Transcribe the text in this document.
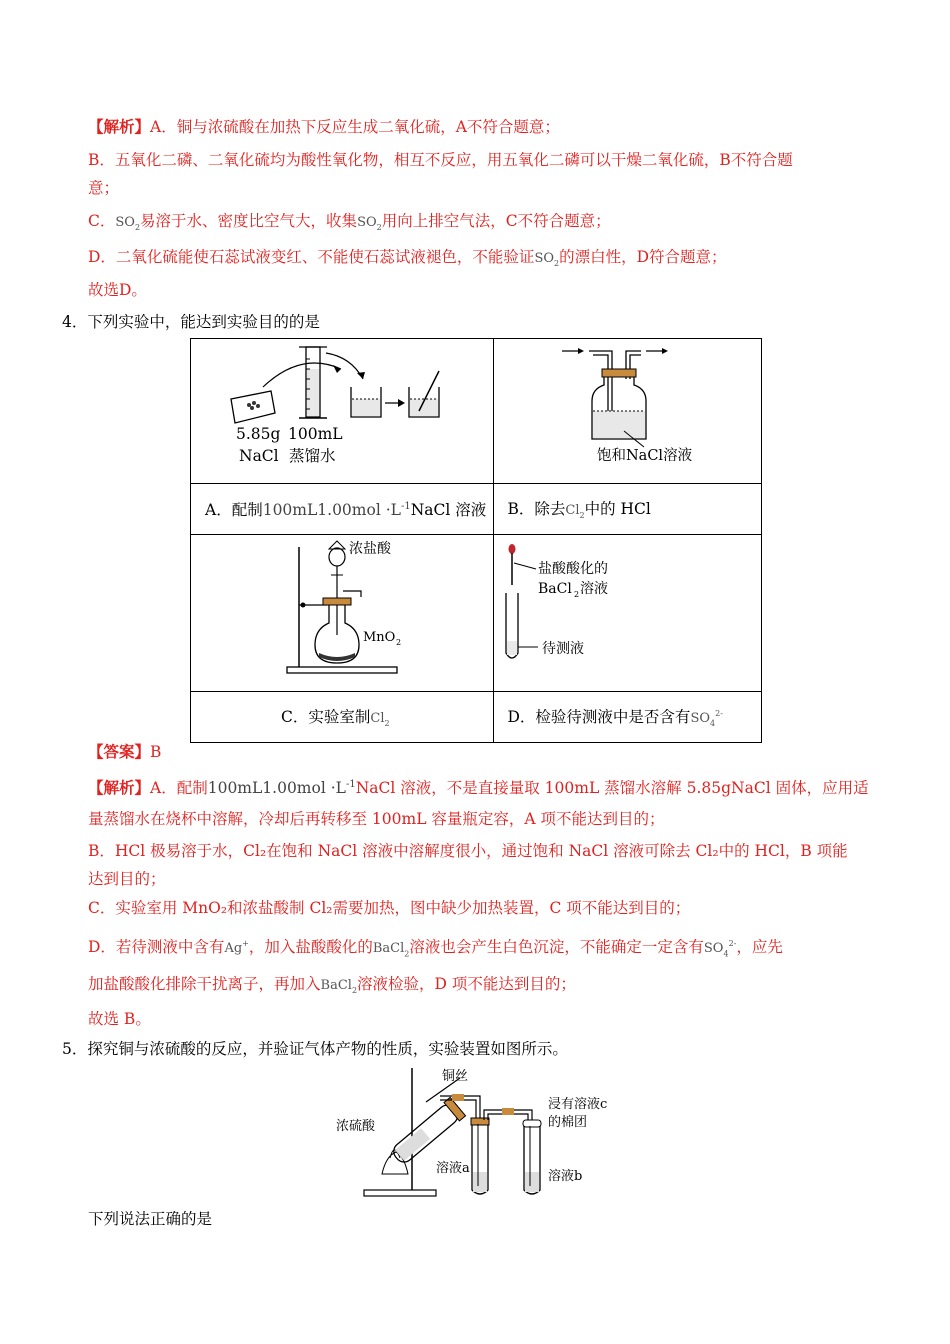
【解析】A．铜与浓硫酸在加热下反应生成二氧化硫，A不符合题意；
B．五氧化二磷、二氧化硫均为酸性氧化物，相互不反应，用五氧化二磷可以干燥二氧化硫，B不符合题
意；
C．$SO_2$易溶于水、密度比空气大，收集$SO_2$用向上排空气法，C不符合题意；
D．二氧化硫能使石蕊试液变红、不能使石蕊试液褪色，不能验证$SO_2$的漂白性，D符合题意；
故选D。
4．下列实验中，能达到实验目的的是
5.85g
NaCl
100mL
蒸馏水	饱和NaCl溶液

A．配制$100mL1.00mol \cdot L^{-1}NaCl$ 溶液	B．除去$Cl_2$中的 HCl

浓盐酸
MnO 2	盐酸酸化的
BaCl 2 溶液
待测液

C．实验室制$Cl_2$	D．检验待测液中是否含有$SO_4^{2-}$
【答案】B
【解析】A．配制$100mL1.00mol \cdot L^{-1}NaCl$ 溶液，不是直接量取 100mL 蒸馏水溶解 5.85gNaCl 固体，应用适
量蒸馏水在烧杯中溶解，冷却后再转移至 100mL 容量瓶定容，A 项不能达到目的；
B．HCl 极易溶于水，Cl₂在饱和 NaCl 溶液中溶解度很小，通过饱和 NaCl 溶液可除去 Cl₂中的 HCl，B 项能
达到目的；
C．实验室用 MnO₂和浓盐酸制 Cl₂需要加热，图中缺少加热装置，C 项不能达到目的；
D．若待测液中含有Ag+，加入盐酸酸化的BaCl$_2$溶液也会产生白色沉淀，不能确定一定含有$SO_4^{2-}$，应先
加盐酸酸化排除干扰离子，再加入BaCl$_2$溶液检验，D 项不能达到目的；
故选 B。
5．探究铜与浓硫酸的反应，并验证气体产物的性质，实验装置如图所示。
铜丝
浓硫酸
溶液a
溶液b
浸有溶液c
的棉团
下列说法正确的是
